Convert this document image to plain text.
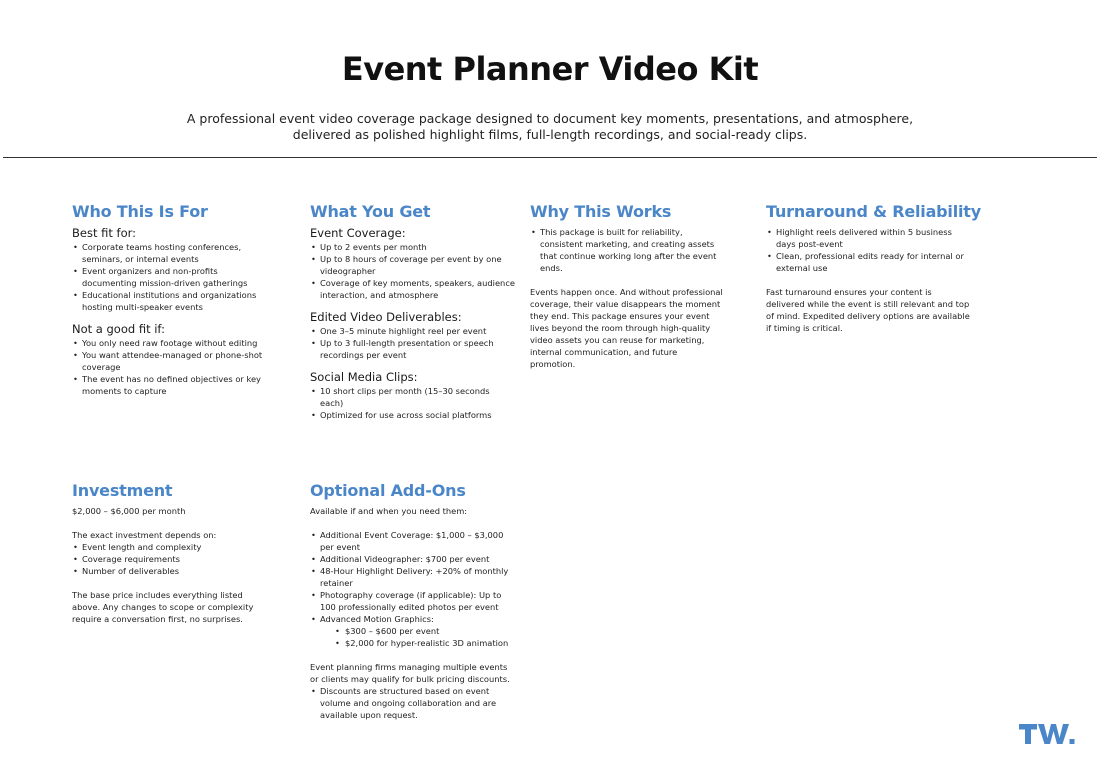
Event Planner Video Kit
A professional event video coverage package designed to document key moments, presentations, and atmosphere,
delivered as polished highlight films, full-length recordings, and social-ready clips.
Who This Is For
Best fit for:
• Corporate teams hosting conferences, seminars, or internal events
• Event organizers and non-profits documenting mission-driven gatherings
• Educational institutions and organizations hosting multi-speaker events
Not a good fit if:
• You only need raw footage without editing
• You want attendee-managed or phone-shot coverage
• The event has no defined objectives or key moments to capture
What You Get
Event Coverage:
• Up to 2 events per month
• Up to 8 hours of coverage per event by one videographer
• Coverage of key moments, speakers, audience interaction, and atmosphere
Edited Video Deliverables:
• One 3–5 minute highlight reel per event
• Up to 3 full-length presentation or speech recordings per event
Social Media Clips:
• 10 short clips per month (15–30 seconds each)
• Optimized for use across social platforms
Why This Works
• This package is built for reliability, consistent marketing, and creating assets that continue working long after the event ends.

Events happen once. And without professional coverage, their value disappears the moment they end. This package ensures your event lives beyond the room through high-quality video assets you can reuse for marketing, internal communication, and future promotion.

Turnaround & Reliability
• Highlight reels delivered within 5 business days post-event
• Clean, professional edits ready for internal or external use

Fast turnaround ensures your content is delivered while the event is still relevant and top of mind. Expedited delivery options are available if timing is critical.

Investment

$2,000 – $6,000 per month

The exact investment depends on:

• Event length and complexity
• Coverage requirements
• Number of deliverables

The base price includes everything listed above. Any changes to scope or complexity require a conversation first, no surprises.

Optional Add-Ons

Available if and when you need them:

• Additional Event Coverage: $1,000 – $3,000 per event
• Additional Videographer: $700 per event
• 48-Hour Highlight Delivery: +20% of monthly retainer
• Photography coverage (if applicable): Up to 100 professionally edited photos per event
• Advanced Motion Graphics:
• $300 – $600 per event
• $2,000 for hyper-realistic 3D animation

Event planning firms managing multiple events or clients may qualify for bulk pricing discounts.

• Discounts are structured based on event volume and ongoing collaboration and are available upon request.
